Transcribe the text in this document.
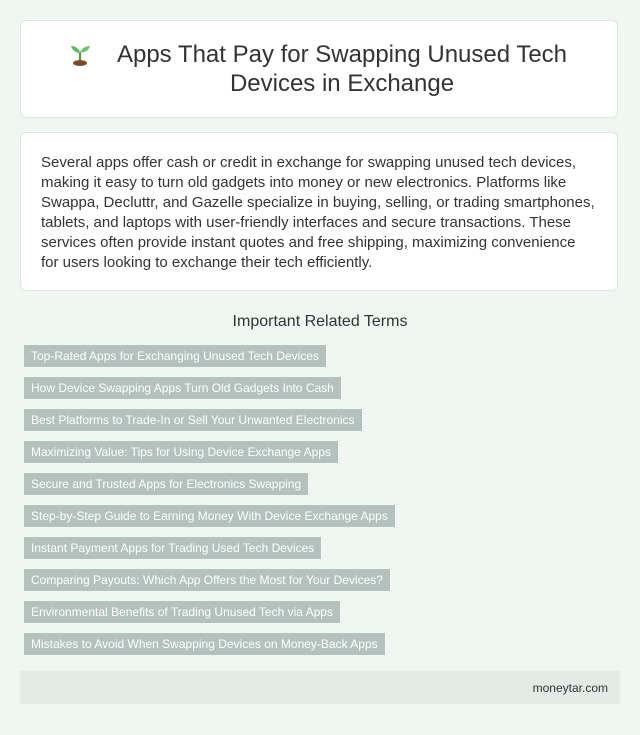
Apps That Pay for Swapping Unused Tech Devices in Exchange

Several apps offer cash or credit in exchange for swapping unused tech devices, making it easy to turn old gadgets into money or new electronics. Platforms like Swappa, Decluttr, and Gazelle specialize in buying, selling, or trading smartphones, tablets, and laptops with user-friendly interfaces and secure transactions. These services often provide instant quotes and free shipping, maximizing convenience for users looking to exchange their tech efficiently.

Important Related Terms
Top-Rated Apps for Exchanging Unused Tech Devices
How Device Swapping Apps Turn Old Gadgets Into Cash
Best Platforms to Trade-In or Sell Your Unwanted Electronics
Maximizing Value: Tips for Using Device Exchange Apps
Secure and Trusted Apps for Electronics Swapping
Step-by-Step Guide to Earning Money With Device Exchange Apps
Instant Payment Apps for Trading Used Tech Devices
Comparing Payouts: Which App Offers the Most for Your Devices?
Environmental Benefits of Trading Unused Tech via Apps
Mistakes to Avoid When Swapping Devices on Money-Back Apps
moneytar.com
